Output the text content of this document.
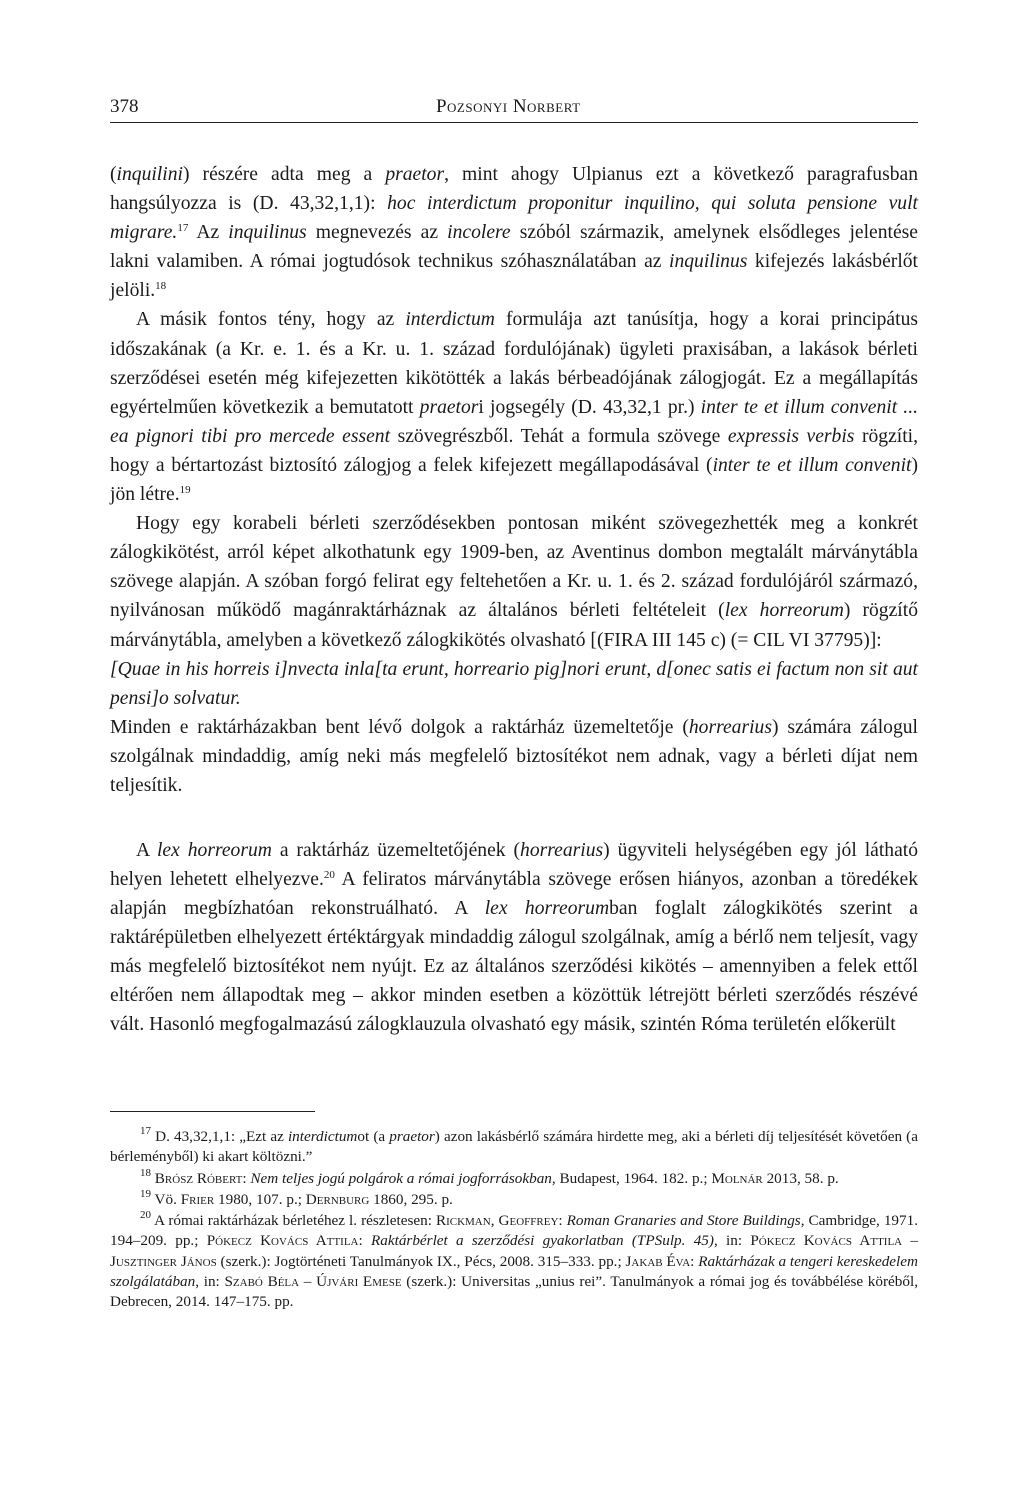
378	Pozsonyi Norbert

(inquilini) részére adta meg a praetor, mint ahogy Ulpianus ezt a következő paragrafusban hangsúlyozza is (D. 43,32,1,1): hoc interdictum proponitur inquilino, qui soluta pensione vult migrare.$^{17}$ Az inquilinus megnevezés az incolere szóból származik, amelynek elsődleges jelentése lakni valamiben. A római jogtudósok technikus szóhasználatában az inquilinus kifejezés lakásbérlőt jelöli.$^{18}$

A másik fontos tény, hogy az interdictum formulája azt tanúsítja, hogy a korai principátus időszakának (a Kr. e. 1. és a Kr. u. 1. század fordulójának) ügyleti praxisában, a lakások bérleti szerződései esetén még kifejezetten kikötötték a lakás bérbeadójának zálogjogát. Ez a megállapítás egyértelműen következik a bemutatott praetori jogsegély (D. 43,32,1 pr.) inter te et illum convenit ... ea pignori tibi pro mercede essent szövegrészből. Tehát a formula szövege expressis verbis rögzíti, hogy a bértartozást biztosító zálogjog a felek kifejezett megállapodásával (inter te et illum convenit) jön létre.$^{19}$

Hogy egy korabeli bérleti szerződésekben pontosan miként szövegezhették meg a konkrét zálogkikötést, arról képet alkothatunk egy 1909-ben, az Aventinus dombon megtalált márványtábla szövege alapján. A szóban forgó felirat egy feltehetően a Kr. u. 1. és 2. század fordulójáról származó, nyilvánosan működő magánraktárháznak az általános bérleti feltételeit (lex horreorum) rögzítő márványtábla, amelyben a következő zálogkikötés olvasható [(FIRA III 145 c) (= CIL VI 37795)]:

[Quae in his horreis i]nvecta inla[ta erunt, horreario pig]nori erunt, d[onec satis ei factum non sit aut pensi]o solvatur.

Minden e raktárházakban bent lévő dolgok a raktárház üzemeltetője (horrearius) számára zálogul szolgálnak mindaddig, amíg neki más megfelelő biztosítékot nem adnak, vagy a bérleti díjat nem teljesítik.

A lex horreorum a raktárház üzemeltetőjének (horrearius) ügyviteli helységében egy jól látható helyen lehetett elhelyezve.$^{20}$ A feliratos márványtábla szövege erősen hiányos, azonban a töredékek alapján megbízhatóan rekonstruálható. A lex horreorumban foglalt zálogkikötés szerint a raktárépületben elhelyezett értéktárgyak mindaddig zálogul szolgálnak, amíg a bérlő nem teljesít, vagy más megfelelő biztosítékot nem nyújt. Ez az általános szerződési kikötés – amennyiben a felek ettől eltérően nem állapodtak meg – akkor minden esetben a közöttük létrejött bérleti szerződés részévé vált. Hasonló megfogalmazású zálogklauzula olvasható egy másik, szintén Róma területén előkerült

$^{17}$ D. 43,32,1,1: „Ezt az interdictumot (a praetor) azon lakásbérlő számára hirdette meg, aki a bérleti díj teljesítését követően (a bérleményből) ki akart költözni.”

$^{18}$ Brósz Róbert: Nem teljes jogú polgárok a római jogforrásokban, Budapest, 1964. 182. p.; Molnár 2013, 58. p.

$^{19}$ Vö. Frier 1980, 107. p.; Dernburg 1860, 295. p.

$^{20}$ A római raktárházak bérletéhez l. részletesen: Rickman, Geoffrey: Roman Granaries and Store Buildings, Cambridge, 1971. 194–209. pp.; Pókecz Kovács Attila: Raktárbérlet a szerződési gyakorlatban (TPSulp. 45), in: Pókecz Kovács Attila – Jusztinger János (szerk.): Jogtörténeti Tanulmányok IX., Pécs, 2008. 315–333. pp.; Jakab Éva: Raktárházak a tengeri kereskedelem szolgálatában, in: Szabó Béla – Újvári Emese (szerk.): Universitas „unius rei”. Tanulmányok a római jog és továbbélése köréből, Debrecen, 2014. 147–175. pp.
